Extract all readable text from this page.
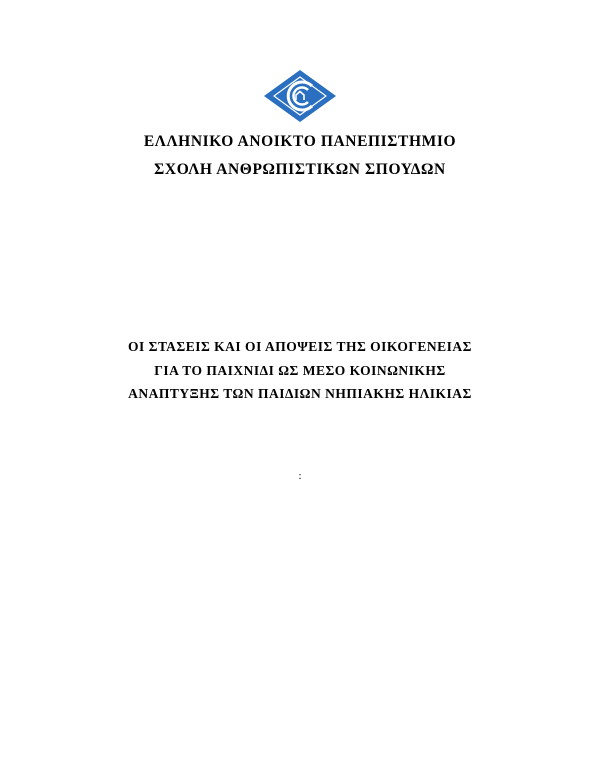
ΕΛΛΗΝΙΚΟ ΑΝΟΙΚΤΟ ΠΑΝΕΠΙΣΤΗΜΙΟ
ΣΧΟΛΗ ΑΝΘΡΩΠΙΣΤΙΚΩΝ ΣΠΟΥΔΩΝ
ΟΙ ΣΤΑΣΕΙΣ ΚΑΙ ΟΙ ΑΠΟΨΕΙΣ ΤΗΣ ΟΙΚΟΓΕΝΕΙΑΣ
ΓΙΑ ΤΟ ΠΑΙΧΝΙΔΙ ΩΣ ΜΕΣΟ ΚΟΙΝΩΝΙΚΗΣ
ΑΝΑΠΤΥΞΗΣ ΤΩΝ ΠΑΙΔΙΩΝ ΝΗΠΙΑΚΗΣ ΗΛΙΚΙΑΣ
:
